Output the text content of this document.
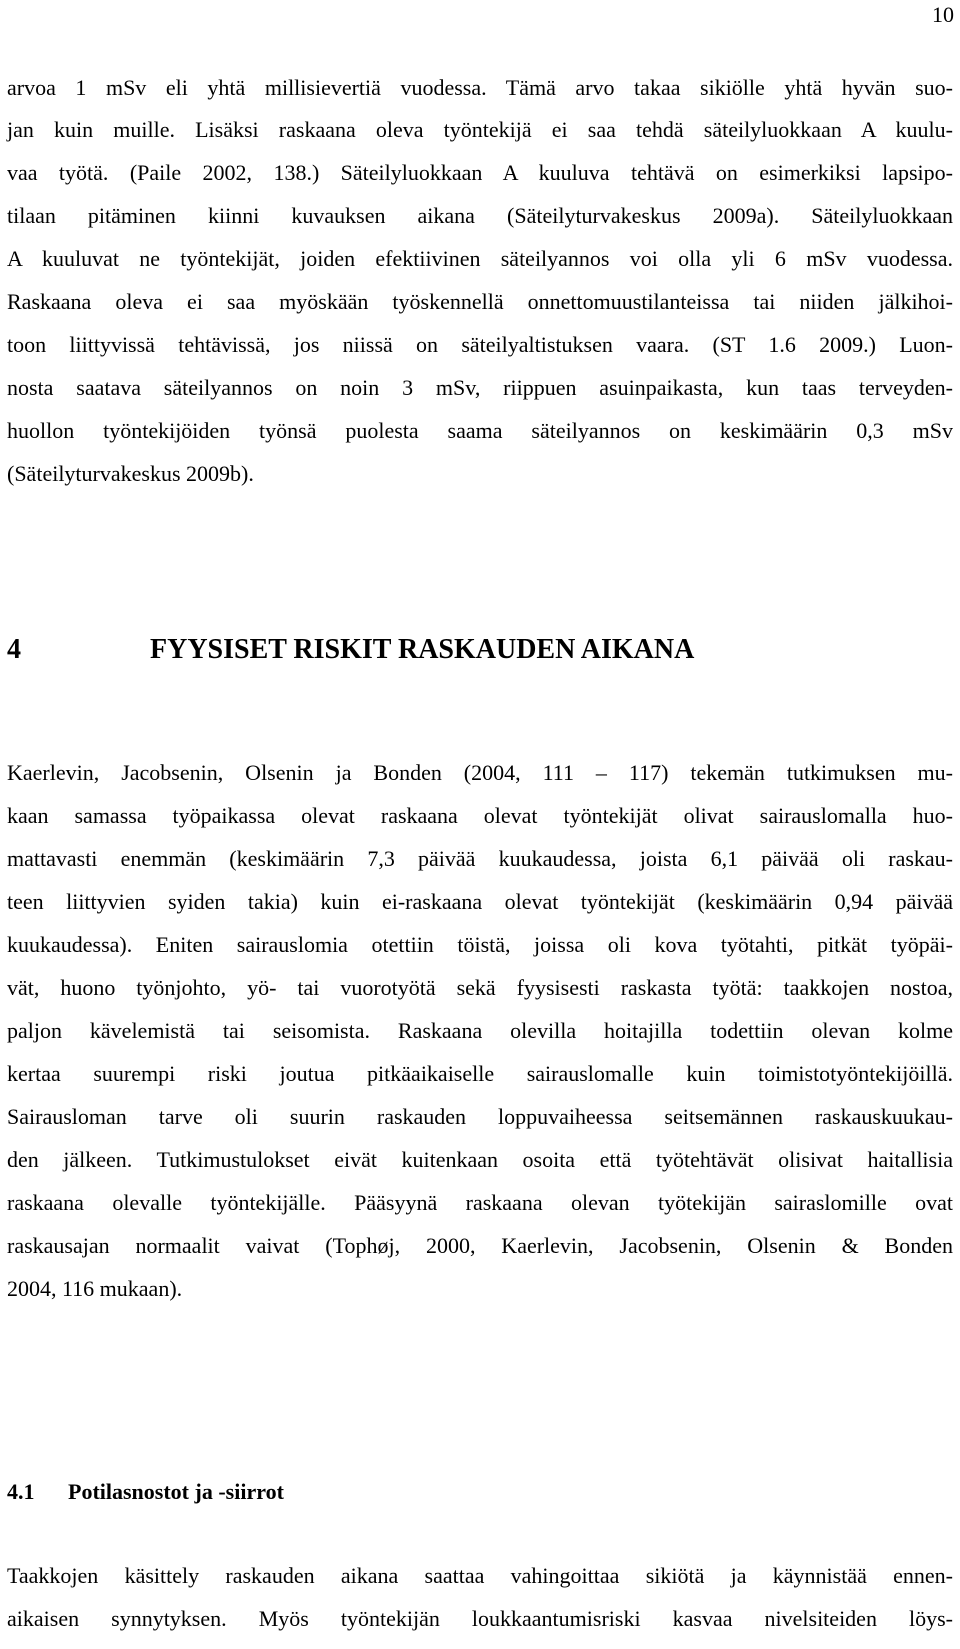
10
arvoa 1 mSv eli yhtä millisievertiä vuodessa. Tämä arvo takaa sikiölle yhtä hyvän suo-
jan kuin muille. Lisäksi raskaana oleva työntekijä ei saa tehdä säteilyluokkaan A kuulu-
vaa työtä. (Paile 2002, 138.) Säteilyluokkaan A kuuluva tehtävä on esimerkiksi lapsipo-
tilaan pitäminen kiinni kuvauksen aikana (Säteilyturvakeskus 2009a). Säteilyluokkaan
A kuuluvat ne työntekijät, joiden efektiivinen säteilyannos voi olla yli 6 mSv vuodessa.
Raskaana oleva ei saa myöskään työskennellä onnettomuustilanteissa tai niiden jälkihoi-
toon liittyvissä tehtävissä, jos niissä on säteilyaltistuksen vaara. (ST 1.6 2009.) Luon-
nosta saatava säteilyannos on noin 3 mSv, riippuen asuinpaikasta, kun taas terveyden-
huollon työntekijöiden työnsä puolesta saama säteilyannos on keskimäärin 0,3 mSv
(Säteilyturvakeskus 2009b).
4	FYYSISET RISKIT RASKAUDEN AIKANA
Kaerlevin, Jacobsenin, Olsenin ja Bonden (2004, 111 – 117) tekemän tutkimuksen mu-
kaan samassa työpaikassa olevat raskaana olevat työntekijät olivat sairauslomalla huo-
mattavasti enemmän (keskimäärin 7,3 päivää kuukaudessa, joista 6,1 päivää oli raskau-
teen liittyvien syiden takia) kuin ei-raskaana olevat työntekijät (keskimäärin 0,94 päivää
kuukaudessa). Eniten sairauslomia otettiin töistä, joissa oli kova työtahti, pitkät työpäi-
vät, huono työnjohto, yö- tai vuorotyötä sekä fyysisesti raskasta työtä: taakkojen nostoa,
paljon kävelemistä tai seisomista. Raskaana olevilla hoitajilla todettiin olevan kolme
kertaa suurempi riski joutua pitkäaikaiselle sairauslomalle kuin toimistotyöntekijöillä.
Sairausloman tarve oli suurin raskauden loppuvaiheessa seitsemännen raskauskuukau-
den jälkeen. Tutkimustulokset eivät kuitenkaan osoita että työtehtävät olisivat haitallisia
raskaana olevalle työntekijälle. Pääsyynä raskaana olevan työtekijän sairaslomille ovat
raskausajan normaalit vaivat (Tophøj, 2000, Kaerlevin, Jacobsenin, Olsenin & Bonden
2004, 116 mukaan).
4.1 Potilasnostot ja -siirrot
Taakkojen käsittely raskauden aikana saattaa vahingoittaa sikiötä ja käynnistää ennen-
aikaisen synnytyksen. Myös työntekijän loukkaantumisriski kasvaa nivelsiteiden löys-
